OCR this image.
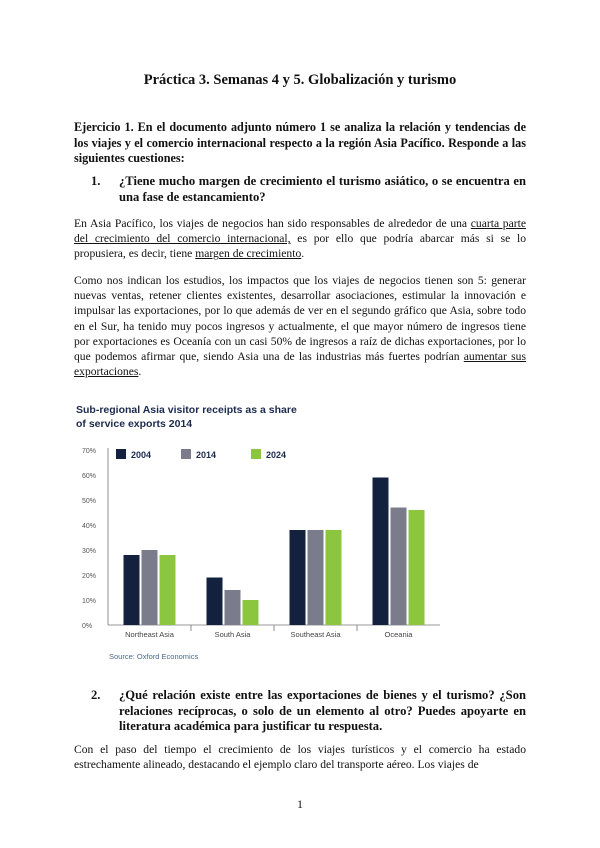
Práctica 3. Semanas 4 y 5. Globalización y turismo
Ejercicio 1. En el documento adjunto número 1 se analiza la relación y tendencias de los viajes y el comercio internacional respecto a la región Asia Pacífico. Responde a las siguientes cuestiones:
1. ¿Tiene mucho margen de crecimiento el turismo asiático, o se encuentra en una fase de estancamiento?
En Asia Pacífico, los viajes de negocios han sido responsables de alrededor de una cuarta parte del crecimiento del comercio internacional, es por ello que podría abarcar más si se lo propusiera, es decir, tiene margen de crecimiento.
Como nos indican los estudios, los impactos que los viajes de negocios tienen son 5: generar nuevas ventas, retener clientes existentes, desarrollar asociaciones, estimular la innovación e impulsar las exportaciones, por lo que además de ver en el segundo gráfico que Asia, sobre todo en el Sur, ha tenido muy pocos ingresos y actualmente, el que mayor número de ingresos tiene por exportaciones es Oceanía con un casi 50% de ingresos a raíz de dichas exportaciones, por lo que podemos afirmar que, siendo Asia una de las industrias más fuertes podrían aumentar sus exportaciones.
Sub-regional Asia visitor receipts as a share
of service exports 2014
0%
10%
20%
30%
40%
50%
60%
70%	2004	2014	2024
Northeast Asia	South Asia	Southeast Asia	Oceania
Source: Oxford Economics
2. ¿Qué relación existe entre las exportaciones de bienes y el turismo? ¿Son relaciones recíprocas, o solo de un elemento al otro? Puedes apoyarte en literatura académica para justificar tu respuesta.
Con el paso del tiempo el crecimiento de los viajes turísticos y el comercio ha estado estrechamente alineado, destacando el ejemplo claro del transporte aéreo. Los viajes de
1
